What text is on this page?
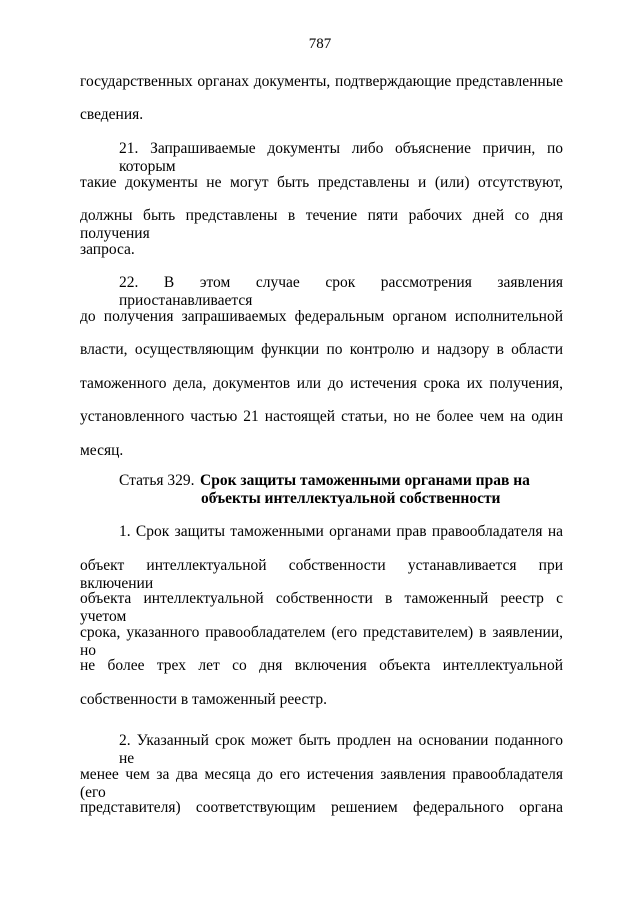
787
государственных органах документы, подтверждающие представленные
сведения.
21. Запрашиваемые документы либо объяснение причин, по которым
такие документы не могут быть представлены и (или) отсутствуют,
должны быть представлены в течение пяти рабочих дней со дня получения
запроса.
22. В этом случае срок рассмотрения заявления приостанавливается
до получения запрашиваемых федеральным органом исполнительной
власти, осуществляющим функции по контролю и надзору в области
таможенного дела, документов или до истечения срока их получения,
установленного частью 21 настоящей статьи, но не более чем на один
месяц.
Статья 329. Срок защиты таможенными органами прав на
объекты интеллектуальной собственности
1. Срок защиты таможенными органами прав правообладателя на
объект интеллектуальной собственности устанавливается при включении
объекта интеллектуальной собственности в таможенный реестр с учетом
срока, указанного правообладателем (его представителем) в заявлении, но
не более трех лет со дня включения объекта интеллектуальной
собственности в таможенный реестр.
2. Указанный срок может быть продлен на основании поданного не
менее чем за два месяца до его истечения заявления правообладателя (его
представителя) соответствующим решением федерального органа
